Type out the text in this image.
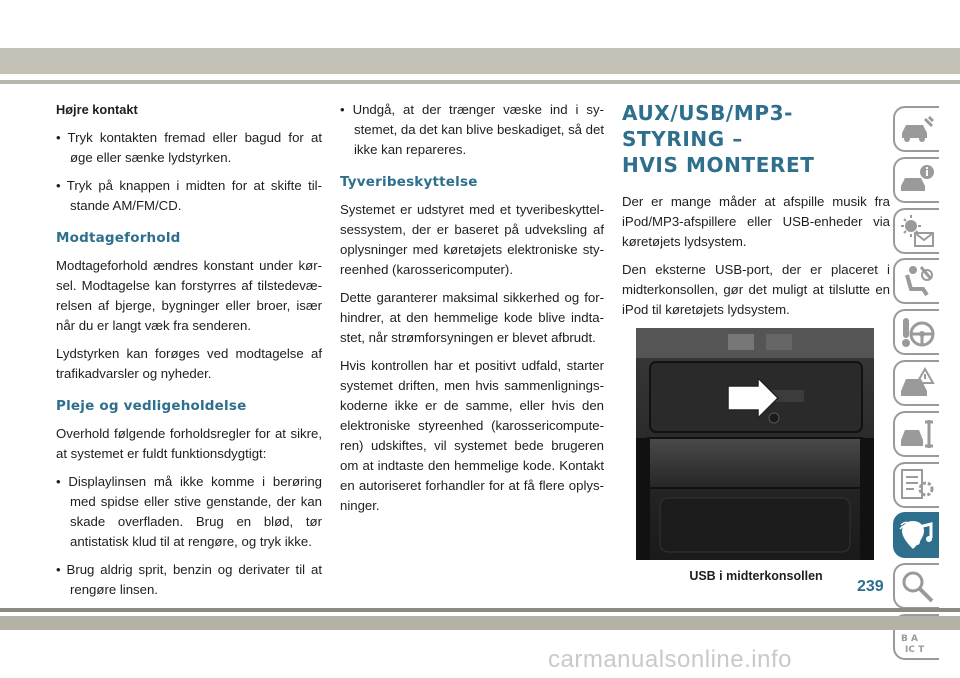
Højre kontakt

• Tryk kontakten fremad eller bagud for at øge eller sænke lydstyrken.

• Tryk på knappen i midten for at skifte tilstande AM/FM/CD.

Modtageforhold

Modtageforhold ændres konstant under kørsel. Modtagelse kan forstyrres af tilstedeværelsen af bjerge, bygninger eller broer, især når du er langt væk fra senderen.

Lydstyrken kan forøges ved modtagelse af trafikadvarsler og nyheder.

Pleje og vedligeholdelse

Overhold følgende forholdsregler for at sikre, at systemet er fuldt funktionsdygtigt:

• Displaylinsen må ikke komme i berøring med spidse eller stive genstande, der kan skade overfladen. Brug en blød, tør antistatisk klud til at rengøre, og tryk ikke.

• Brug aldrig sprit, benzin og derivater til at rengøre linsen.

• Undgå, at der trænger væske ind i systemet, da det kan blive beskadiget, så det ikke kan repareres.

Tyveribeskyttelse

Systemet er udstyret med et tyveribeskyttelsessystem, der er baseret på udveksling af oplysninger med køretøjets elektroniske styreenhed (karossericomputer).

Dette garanterer maksimal sikkerhed og forhindrer, at den hemmelige kode blive indtastet, når strømforsyningen er blevet afbrudt.

Hvis kontrollen har et positivt udfald, starter systemet driften, men hvis sammenligningskoderne ikke er de samme, eller hvis den elektroniske styreenhed (karossericomputeren) udskiftes, vil systemet bede brugeren om at indtaste den hemmelige kode. Kontakt en autoriseret forhandler for at få flere oplysninger.

AUX/USB/MP3-STYRING –
HVIS MONTERET

Der er mange måder at afspille musik fra iPod/MP3-afspillere eller USB-enheder via køretøjets lydsystem.

Den eksterne USB-port, der er placeret i midterkonsollen, gør det muligt at tilslutte en iPod til køretøjets lydsystem.

USB i midterkonsollen
B A
IC T
239
carmanualsonline.info
